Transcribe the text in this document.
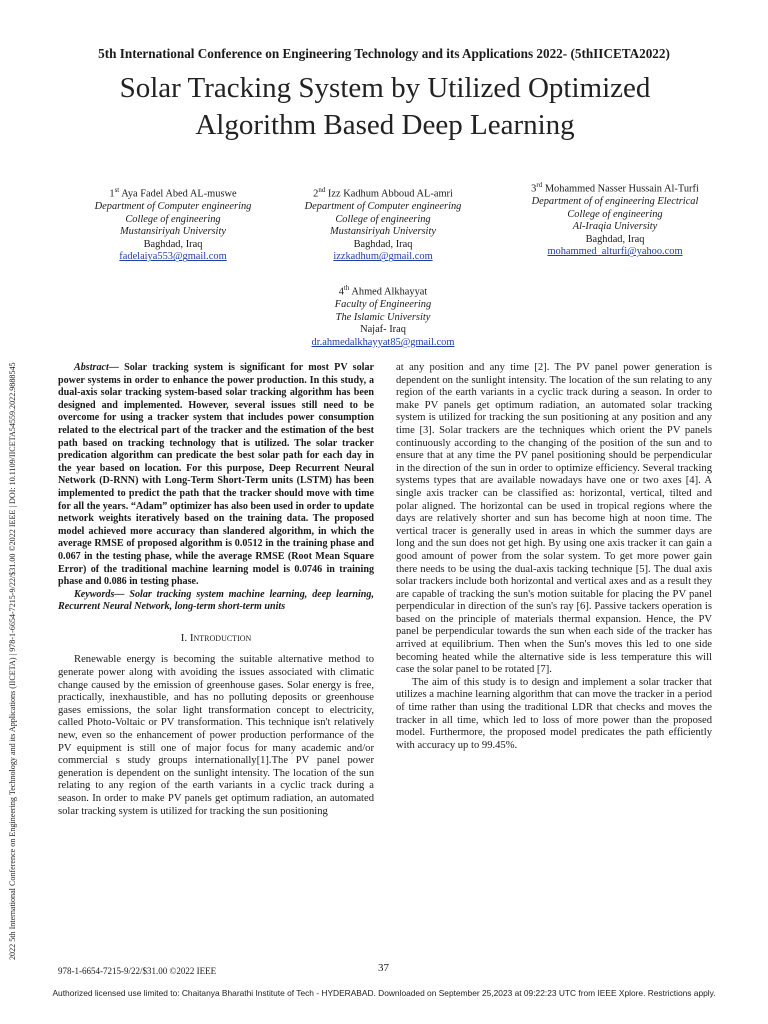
5th International Conference on Engineering Technology and its Applications 2022- (5thIICETA2022)
Solar Tracking System by Utilized Optimized Algorithm Based Deep Learning
2022 5th International Conference on Engineering Technology and its Applications (IICETA) | 978-1-6654-7215-9/22/$31.00 ©2022 IEEE | DOI: 10.1109/IICETA54559.2022.9888545
1st Aya Fadel Abed AL-muswe
Department of Computer engineering
College of engineering
Mustansiriyah University
Baghdad, Iraq
fadelaiya553@gmail.com
2nd Izz Kadhum Abboud AL-amri
Department of Computer engineering
College of engineering
Mustansiriyah University
Baghdad, Iraq
izzkadhum@gmail.com
3rd Mohammed Nasser Hussain Al-Turfi
Department of of engineering Electrical
College of engineering
Al-Iraqia University
Baghdad, Iraq
mohammed_alturfi@yahoo.com
4th Ahmed Alkhayyat
Faculty of Engineering
The Islamic University
Najaf- Iraq
dr.ahmedalkhayyat85@gmail.com

Abstract— Solar tracking system is significant for most PV solar power systems in order to enhance the power production. In this study, a dual-axis solar tracking system-based solar tracking algorithm has been designed and implemented. However, several issues still need to be overcome for using a tracker system that includes power consumption related to the electrical part of the tracker and the estimation of the best path based on tracking technology that is utilized. The solar tracker predication algorithm can predicate the best solar path for each day in the year based on location. For this purpose, Deep Recurrent Neural Network (D-RNN) with Long-Term Short-Term units (LSTM) has been implemented to predict the path that the tracker should move with time for all the years. “Adam” optimizer has also been used in order to update network weights iteratively based on the training data. The proposed model achieved more accuracy than slandered algorithm, in which the average RMSE of proposed algorithm is 0.0512 in the training phase and 0.067 in the testing phase, while the average RMSE (Root Mean Square Error) of the traditional machine learning model is 0.0746 in training phase and 0.086 in testing phase.

Keywords— Solar tracking system machine learning, deep learning, Recurrent Neural Network, long-term short-term units

I. Introduction

Renewable energy is becoming the suitable alternative method to generate power along with avoiding the issues associated with climatic change caused by the emission of greenhouse gases. Solar energy is free, practically, inexhaustible, and has no polluting deposits or greenhouse gases emissions, the solar light transformation concept to electricity, called Photo-Voltaic or PV transformation. This technique isn't relatively new, even so the enhancement of power production performance of the PV equipment is still one of major focus for many academic and/or commercial s study groups internationally[1].The PV panel power generation is dependent on the sunlight intensity. The location of the sun relating to any region of the earth variants in a cyclic track during a season. In order to make PV panels get optimum radiation, an automated solar tracking system is utilized for tracking the sun positioning

at any position and any time [2]. The PV panel power generation is dependent on the sunlight intensity. The location of the sun relating to any region of the earth variants in a cyclic track during a season. In order to make PV panels get optimum radiation, an automated solar tracking system is utilized for tracking the sun positioning at any position and any time [3]. Solar trackers are the techniques which orient the PV panels continuously according to the changing of the position of the sun and to ensure that at any time the PV panel positioning should be perpendicular in the direction of the sun in order to optimize efficiency. Several tracking systems types that are available nowadays have one or two axes [4]. A single axis tracker can be classified as: horizontal, vertical, tilted and polar aligned. The horizontal can be used in tropical regions where the days are relatively shorter and sun has become high at noon time. The vertical tracer is generally used in areas in which the summer days are long and the sun does not get high. By using one axis tracker it can gain a good amount of power from the solar system. To get more power gain there needs to be using the dual-axis tacking technique [5]. The dual axis solar trackers include both horizontal and vertical axes and as a result they are capable of tracking the sun's motion suitable for placing the PV panel perpendicular in direction of the sun's ray [6]. Passive tackers operation is based on the principle of materials thermal expansion. Hence, the PV panel be perpendicular towards the sun when each side of the tracker has arrived at equilibrium. Then when the Sun's moves this led to one side becoming heated while the alternative side is less temperature this will case the solar panel to be rotated [7].

The aim of this study is to design and implement a solar tracker that utilizes a machine learning algorithm that can move the tracker in a period of time rather than using the traditional LDR that checks and moves the tracker in all time, which led to loss of more power than the proposed model. Furthermore, the proposed model predicates the path efficiently with accuracy up to 99.45%.

978-1-6654-7215-9/22/$31.00 ©2022 IEEE	37
Authorized licensed use limited to: Chaitanya Bharathi Institute of Tech - HYDERABAD. Downloaded on September 25,2023 at 09:22:23 UTC from IEEE Xplore. Restrictions apply.
